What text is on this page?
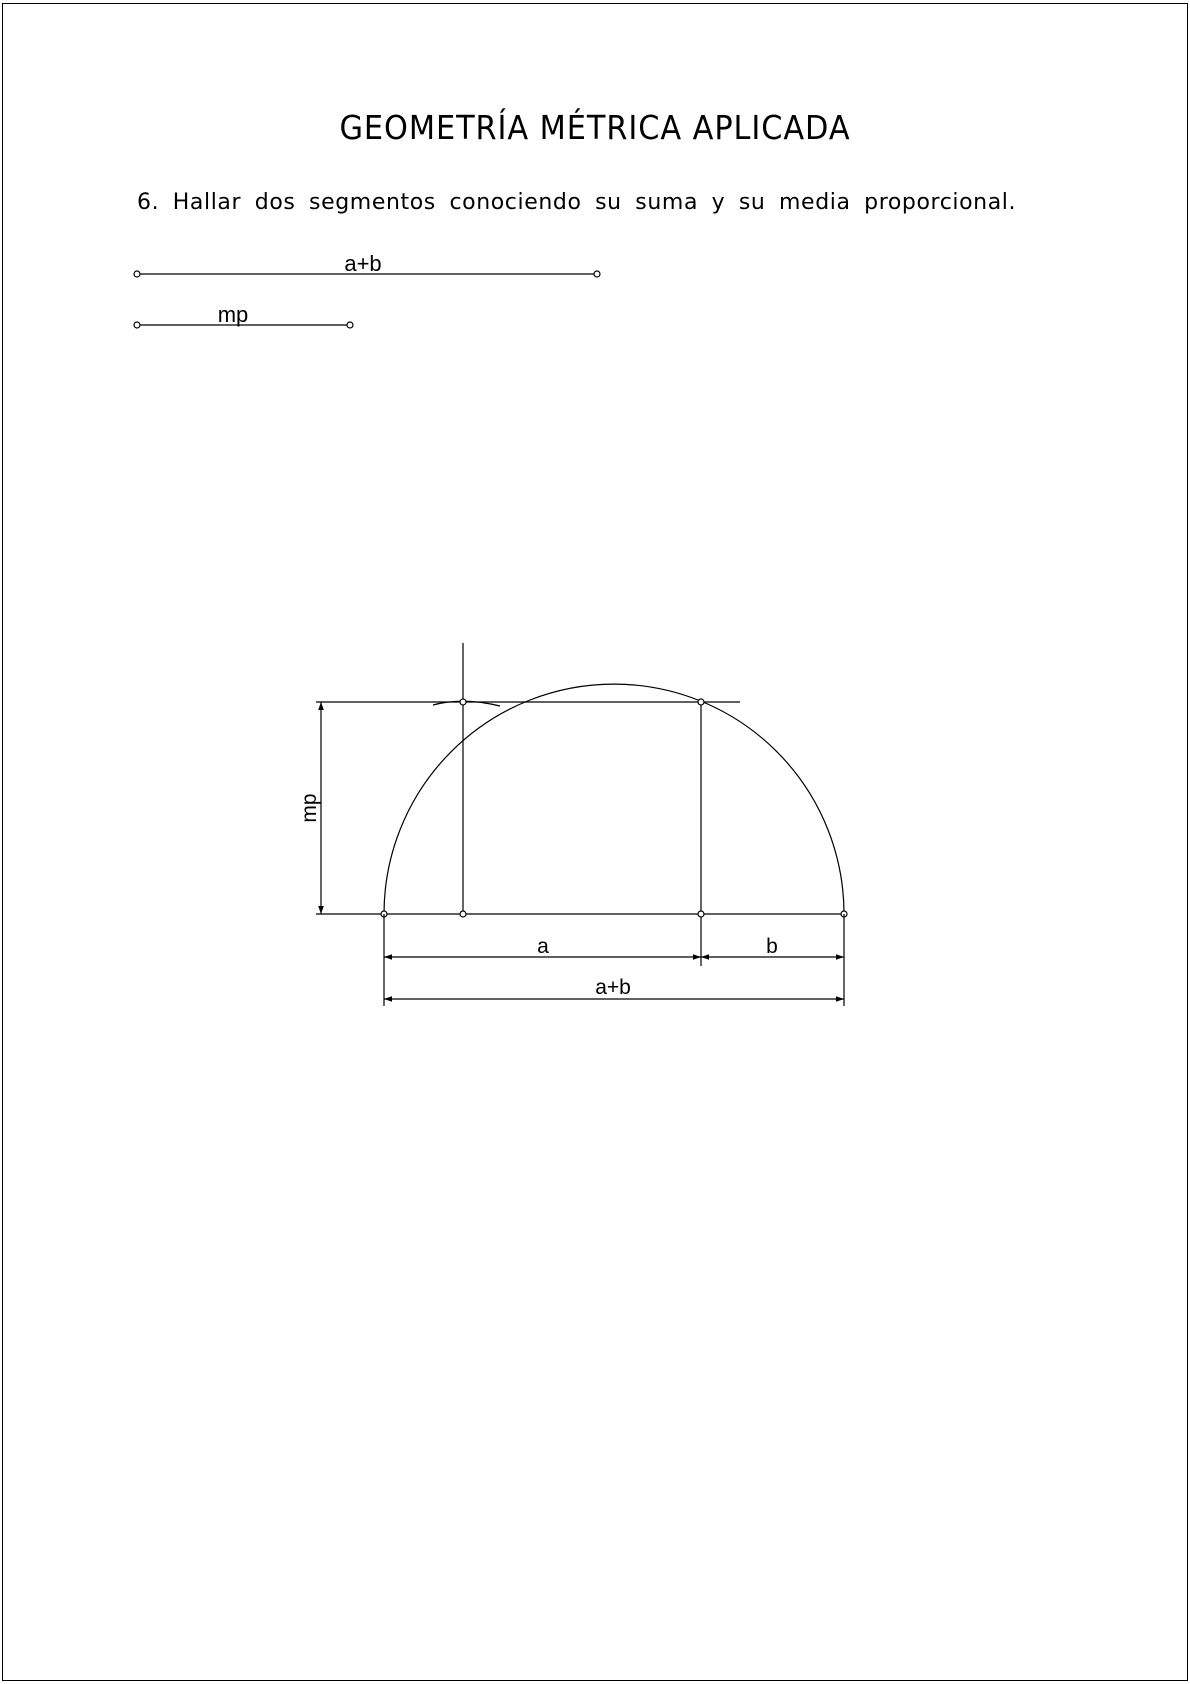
GEOMETRÍA MÉTRICA APLICADA

6. Hallar dos segmentos conociendo su suma y su media proporcional.

a+b
mp
mp
a	b
a+b
